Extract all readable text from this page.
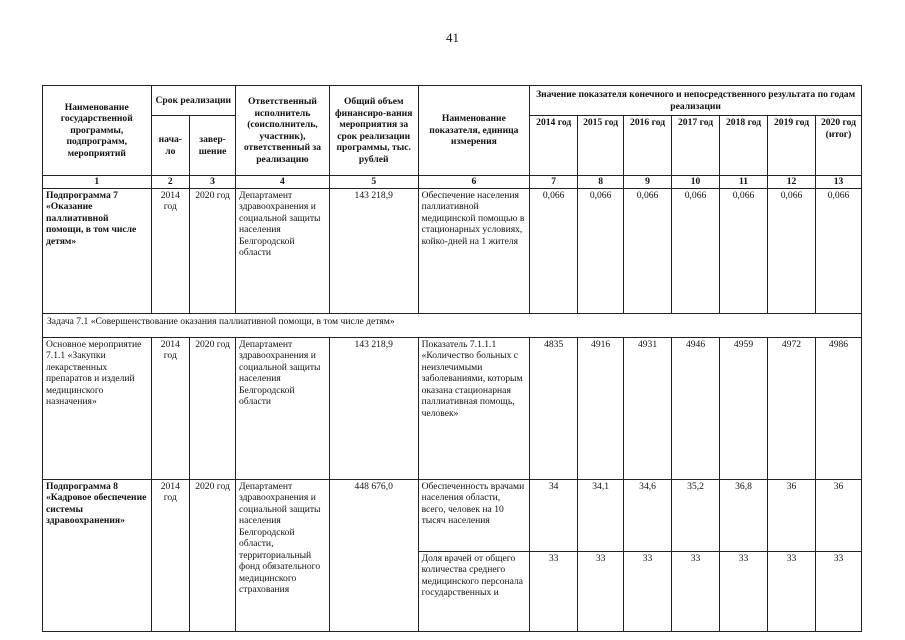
41
Наименование государственной программы, подпрограмм, мероприятий	Срок реализации		Ответственный исполнитель (соисполнитель, участник), ответственный за реализацию	Общий объем финансиро-вания мероприятия за срок реализации программы, тыс. рублей	Наименование показателя, единица измерения	Значение показателя конечного и непосредственного результата по годам реализации						
	нача-ло	завер-шение				2014 год	2015 год	2016 год	2017 год	2018 год	2019 год	2020 год (итог)
1	2	3	4	5	6	7	8	9	10	11	12	13
Подпрограмма 7 «Оказание паллиативной помощи, в том числе детям»	2014 год	2020 год	Департамент здравоохранения и социальной защиты населения Белгородской области	143 218,9	Обеспечение населения паллиативной медицинской помощью в стационарных условиях, койко-дней на 1 жителя	0,066	0,066	0,066	0,066	0,066	0,066	0,066
Задача 7.1 «Совершенствование оказания паллиативной помощи, в том числе детям»												
Основное мероприятие 7.1.1 «Закупки лекарственных препаратов и изделий медицинского назначения»	2014 год	2020 год	Департамент здравоохранения и социальной защиты населения Белгородской области	143 218,9	Показатель 7.1.1.1 «Количество больных с неизлечимыми заболеваниями, которым оказана стационарная паллиативная помощь, человек»	4835	4916	4931	4946	4959	4972	4986
Подпрограмма 8 «Кадровое обеспечение системы здравоохранения»	2014 год	2020 год	Департамент здравоохранения и социальной защиты населения Белгородской области, территориальный фонд обязательного медицинского страхования	448 676,0	Обеспеченность врачами населения области, всего, человек на 10 тысяч населения	34	34,1	34,6	35,2	36,8	36	36
					Доля врачей от общего количества среднего медицинского персонала государственных и	33	33	33	33	33	33	33
